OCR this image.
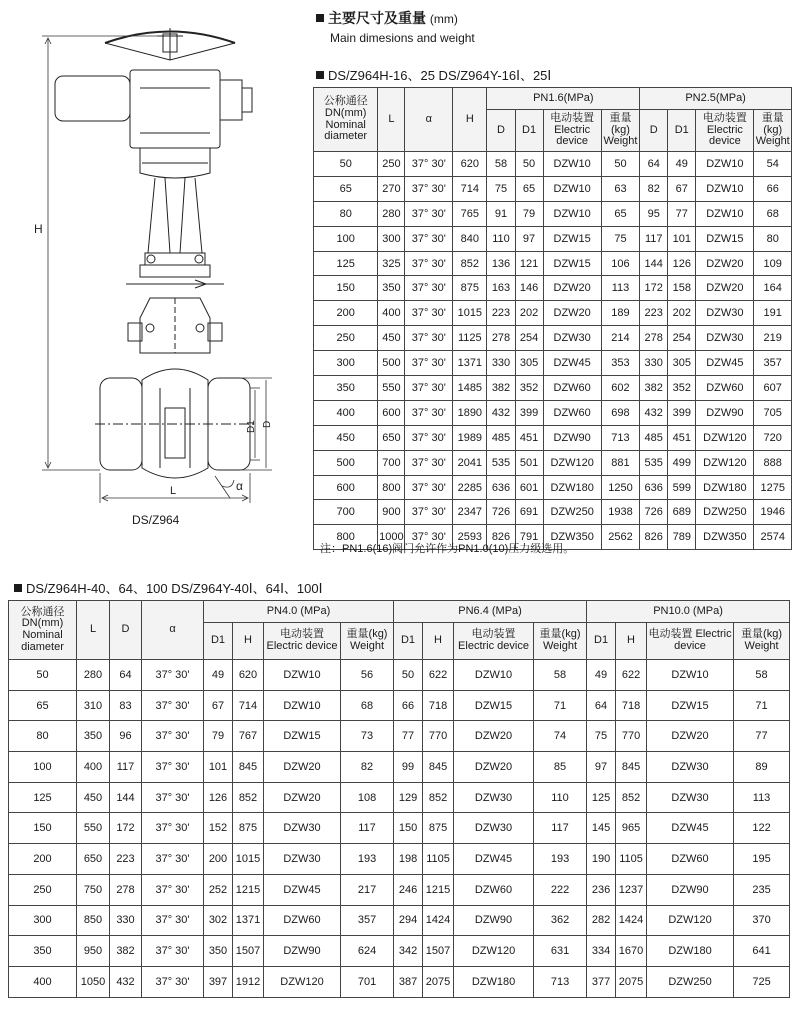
H
D
D1
L	α
DS/Z964
主要尺寸及重量 (mm)
Main dimesions and weight
DS/Z964H-16、25 DS/Z964Y-16Ⅰ、25Ⅰ
公称通径 DN(mm) Nominal diameter	L	α	H	PN1.6(MPa)				PN2.5(MPa)			
				D	D1	电动装置 Electric device	重量 (kg) Weight	D	D1	电动装置 Electric device	重量 (kg) Weight
50	250	37° 30'	620	58	50	DZW10	50	64	49	DZW10	54
65	270	37° 30'	714	75	65	DZW10	63	82	67	DZW10	66
80	280	37° 30'	765	91	79	DZW10	65	95	77	DZW10	68
100	300	37° 30'	840	110	97	DZW15	75	117	101	DZW15	80
125	325	37° 30'	852	136	121	DZW15	106	144	126	DZW20	109
150	350	37° 30'	875	163	146	DZW20	113	172	158	DZW20	164
200	400	37° 30'	1015	223	202	DZW20	189	223	202	DZW30	191
250	450	37° 30'	1125	278	254	DZW30	214	278	254	DZW30	219
300	500	37° 30'	1371	330	305	DZW45	353	330	305	DZW45	357
350	550	37° 30'	1485	382	352	DZW60	602	382	352	DZW60	607
400	600	37° 30'	1890	432	399	DZW60	698	432	399	DZW90	705
450	650	37° 30'	1989	485	451	DZW90	713	485	451	DZW120	720
500	700	37° 30'	2041	535	501	DZW120	881	535	499	DZW120	888
600	800	37° 30'	2285	636	601	DZW180	1250	636	599	DZW180	1275
700	900	37° 30'	2347	726	691	DZW250	1938	726	689	DZW250	1946
800	1000	37° 30'	2593	826	791	DZW350	2562	826	789	DZW350	2574
注：PN1.6(16)阀门允许作为PN1.0(10)压力级选用。
DS/Z964H-40、64、100 DS/Z964Y-40Ⅰ、64Ⅰ、100Ⅰ
公称通径 DN(mm) Nominal diameter	L	D	α	PN4.0 (MPa)				PN6.4 (MPa)				PN10.0 (MPa)			
				D1	H	电动装置 Electric device	重量(kg) Weight	D1	H	电动装置 Electric device	重量(kg) Weight	D1	H	电动装置 Electric device	重量(kg) Weight
50	280	64	37° 30'	49	620	DZW10	56	50	622	DZW10	58	49	622	DZW10	58
65	310	83	37° 30'	67	714	DZW10	68	66	718	DZW15	71	64	718	DZW15	71
80	350	96	37° 30'	79	767	DZW15	73	77	770	DZW20	74	75	770	DZW20	77
100	400	117	37° 30'	101	845	DZW20	82	99	845	DZW20	85	97	845	DZW30	89
125	450	144	37° 30'	126	852	DZW20	108	129	852	DZW30	110	125	852	DZW30	113
150	550	172	37° 30'	152	875	DZW30	117	150	875	DZW30	117	145	965	DZW45	122
200	650	223	37° 30'	200	1015	DZW30	193	198	1105	DZW45	193	190	1105	DZW60	195
250	750	278	37° 30'	252	1215	DZW45	217	246	1215	DZW60	222	236	1237	DZW90	235
300	850	330	37° 30'	302	1371	DZW60	357	294	1424	DZW90	362	282	1424	DZW120	370
350	950	382	37° 30'	350	1507	DZW90	624	342	1507	DZW120	631	334	1670	DZW180	641
400	1050	432	37° 30'	397	1912	DZW120	701	387	2075	DZW180	713	377	2075	DZW250	725
